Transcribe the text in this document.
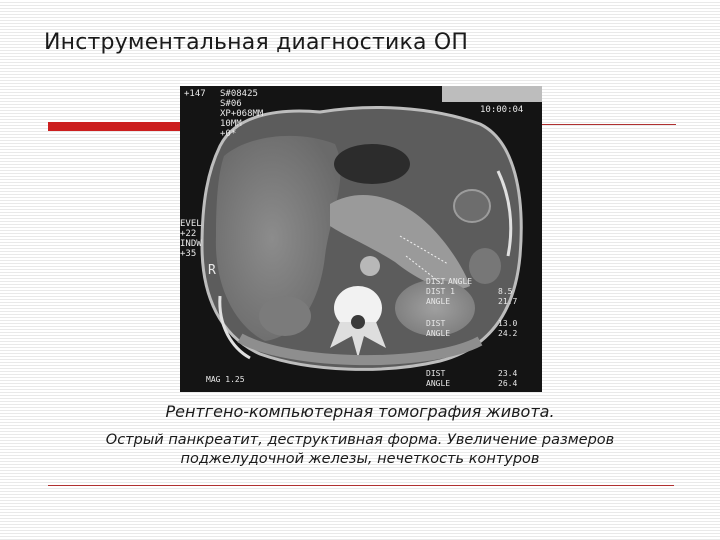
Инструментальная диагностика ОП
+147 S#08425
S#06
XP+068MM
10MM
+0*
10:00:04
EVEL
+22
INDW
+35
R
DIST ANGLE
DIST 1
ANGLE
DIST
ANGLE
DIST
ANGLE
8.5
21.7
13.0
24.2
23.4
26.4
MAG 1.25
Рентгено-компьютерная томография живота.
Острый панкреатит, деструктивная форма. Увеличение размеров
поджелудочной железы, нечеткость контуров
